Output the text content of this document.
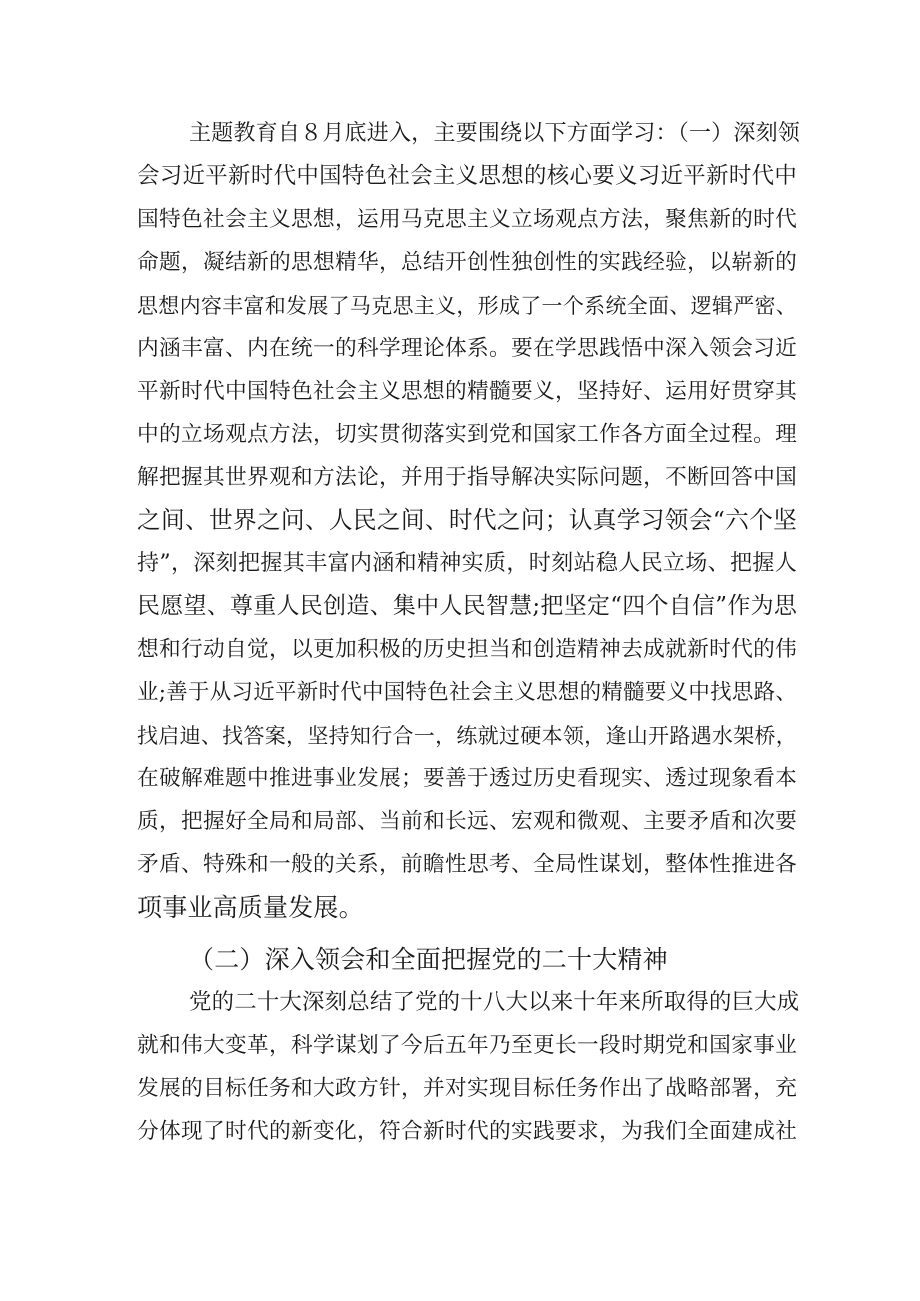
主题教育自８月底进入，主要围绕以下方面学习：（一）深刻领
会习近平新时代中国特色社会主义思想的核心要义习近平新时代中
国特色社会主义思想，运用马克思主义立场观点方法，聚焦新的时代
命题，凝结新的思想精华，总结开创性独创性的实践经验，以崭新的
思想内容丰富和发展了马克思主义，形成了一个系统全面、逻辑严密、
内涵丰富、内在统一的科学理论体系。要在学思践悟中深入领会习近
平新时代中国特色社会主义思想的精髓要义，坚持好、运用好贯穿其
中的立场观点方法，切实贯彻落实到党和国家工作各方面全过程。理
解把握其世界观和方法论，并用于指导解决实际问题，不断回答中国
之间、世界之问、人民之间、时代之问；认真学习领会“六个坚
持”，深刻把握其丰富内涵和精神实质，时刻站稳人民立场、把握人
民愿望、尊重人民创造、集中人民智慧;把坚定“四个自信”作为思
想和行动自觉，以更加积极的历史担当和创造精神去成就新时代的伟
业;善于从习近平新时代中国特色社会主义思想的精髓要义中找思路、
找启迪、找答案，坚持知行合一，练就过硬本领，逢山开路遇水架桥，
在破解难题中推进事业发展；要善于透过历史看现实、透过现象看本
质，把握好全局和局部、当前和长远、宏观和微观、主要矛盾和次要
矛盾、特殊和一般的关系，前瞻性思考、全局性谋划，整体性推进各
项事业高质量发展。
（二）深入领会和全面把握党的二十大精神
党的二十大深刻总结了党的十八大以来十年来所取得的巨大成
就和伟大变革，科学谋划了今后五年乃至更长一段时期党和国家事业
发展的目标任务和大政方针，并对实现目标任务作出了战略部署，充
分体现了时代的新变化，符合新时代的实践要求，为我们全面建成社
